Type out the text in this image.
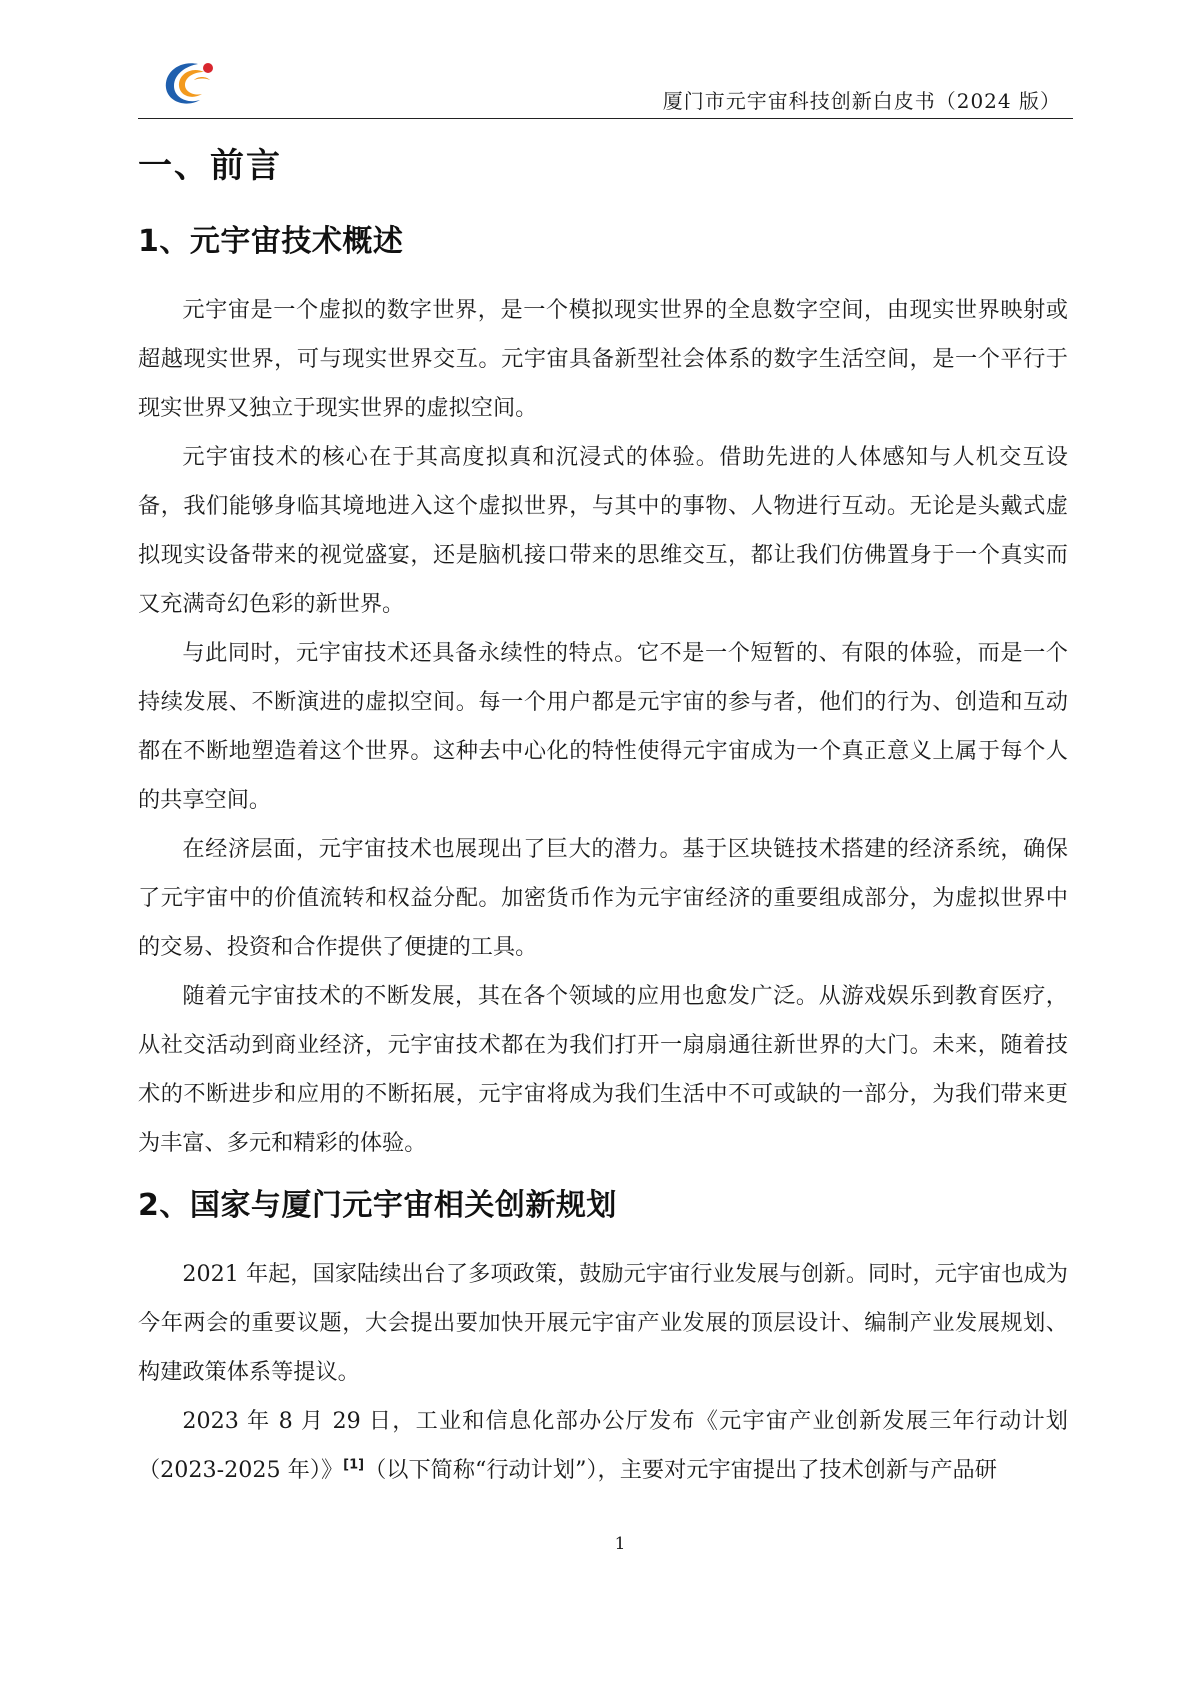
厦门市元宇宙科技创新白皮书（2024 版）
一、前言
1、元宇宙技术概述

元宇宙是一个虚拟的数字世界，是一个模拟现实世界的全息数字空间，由现实世界映射或超越现实世界，可与现实世界交互。元宇宙具备新型社会体系的数字生活空间，是一个平行于现实世界又独立于现实世界的虚拟空间。

元宇宙技术的核心在于其高度拟真和沉浸式的体验。借助先进的人体感知与人机交互设备，我们能够身临其境地进入这个虚拟世界，与其中的事物、人物进行互动。无论是头戴式虚拟现实设备带来的视觉盛宴，还是脑机接口带来的思维交互，都让我们仿佛置身于一个真实而又充满奇幻色彩的新世界。

与此同时，元宇宙技术还具备永续性的特点。它不是一个短暂的、有限的体验，而是一个持续发展、不断演进的虚拟空间。每一个用户都是元宇宙的参与者，他们的行为、创造和互动都在不断地塑造着这个世界。这种去中心化的特性使得元宇宙成为一个真正意义上属于每个人的共享空间。

在经济层面，元宇宙技术也展现出了巨大的潜力。基于区块链技术搭建的经济系统，确保了元宇宙中的价值流转和权益分配。加密货币作为元宇宙经济的重要组成部分，为虚拟世界中的交易、投资和合作提供了便捷的工具。

随着元宇宙技术的不断发展，其在各个领域的应用也愈发广泛。从游戏娱乐到教育医疗，从社交活动到商业经济，元宇宙技术都在为我们打开一扇扇通往新世界的大门。未来，随着技术的不断进步和应用的不断拓展，元宇宙将成为我们生活中不可或缺的一部分，为我们带来更为丰富、多元和精彩的体验。

2、国家与厦门元宇宙相关创新规划

2021 年起，国家陆续出台了多项政策，鼓励元宇宙行业发展与创新。同时，元宇宙也成为今年两会的重要议题，大会提出要加快开展元宇宙产业发展的顶层设计、编制产业发展规划、构建政策体系等提议。

2023 年 8 月 29 日，工业和信息化部办公厅发布《元宇宙产业创新发展三年行动计划（2023-2025 年）》[1]（以下简称“行动计划”），主要对元宇宙提出了技术创新与产品研

1
